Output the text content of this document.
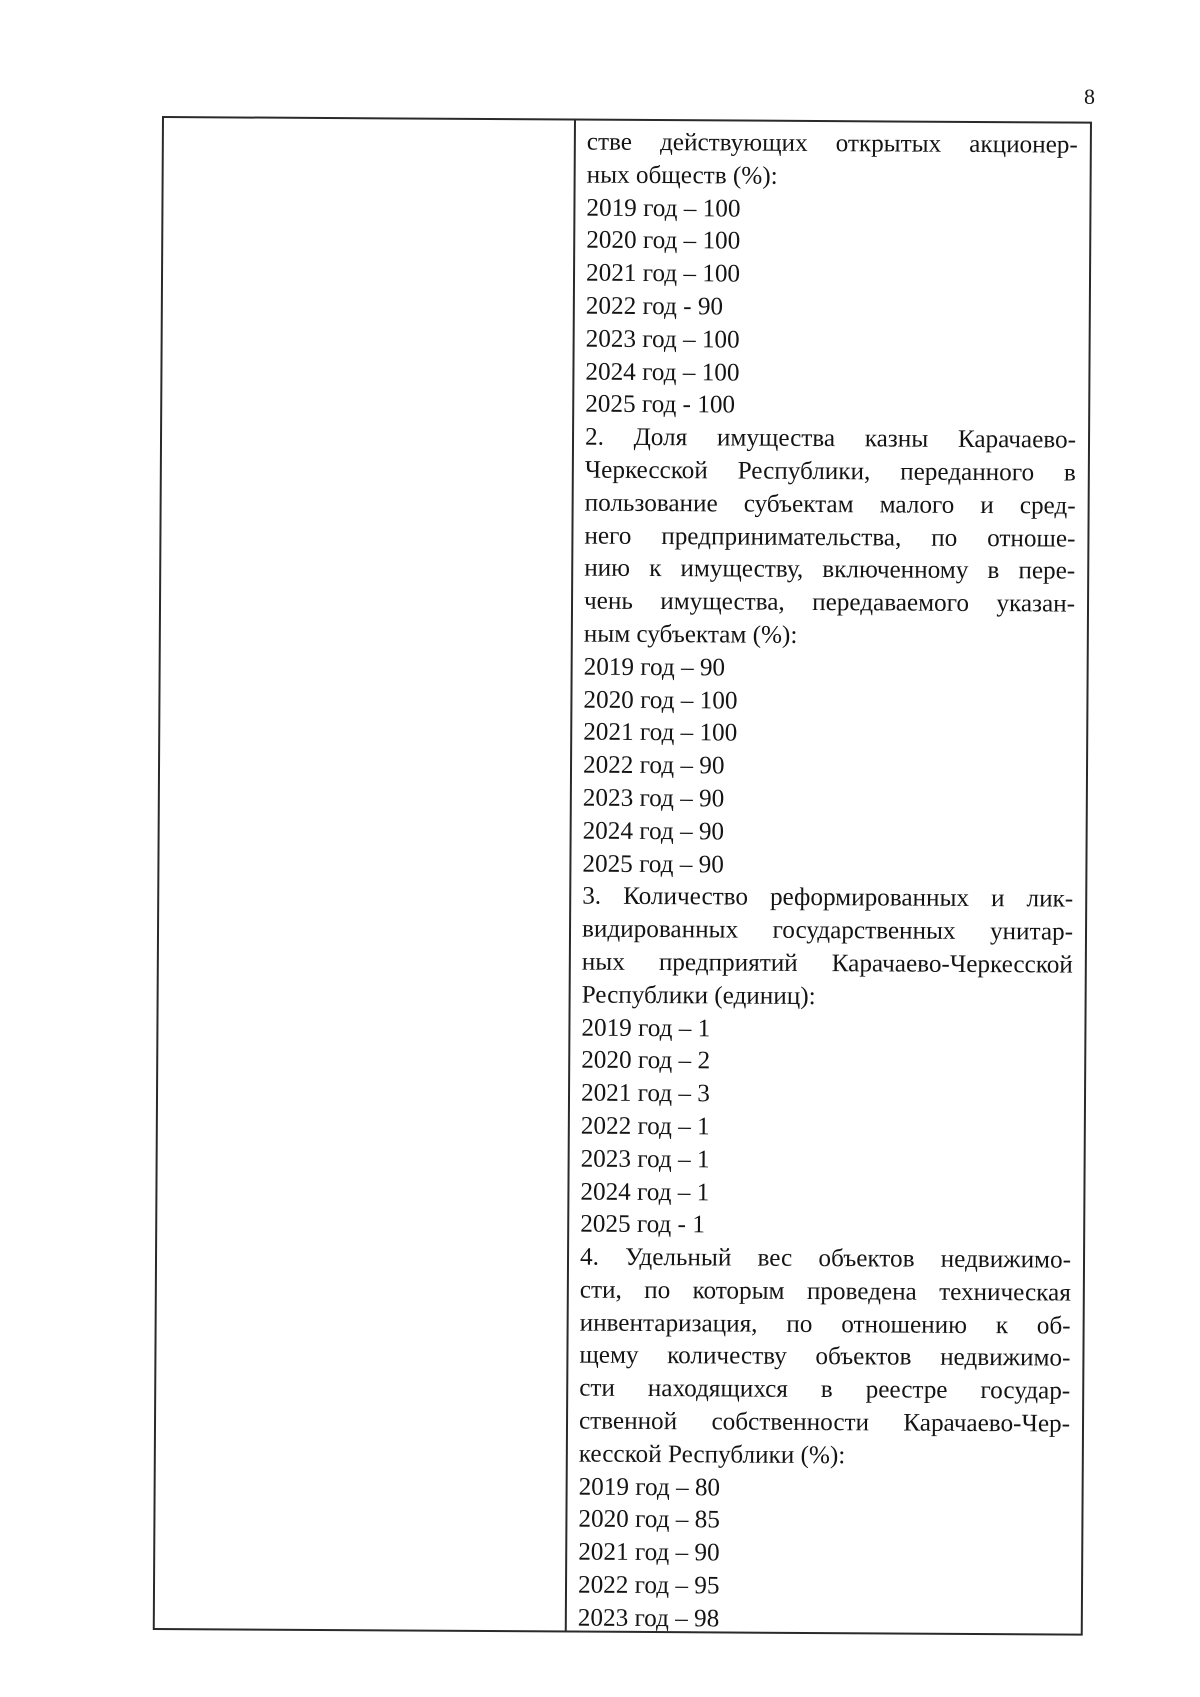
8
стве действующих открытых акционер-
ных обществ (%):
2019 год – 100
2020 год – 100
2021 год – 100
2022 год - 90
2023 год – 100
2024 год – 100
2025 год - 100
2. Доля имущества казны Карачаево-
Черкесской Республики, переданного в
пользование субъектам малого и сред-
него предпринимательства, по отноше-
нию к имуществу, включенному в пере-
чень имущества, передаваемого указан-
ным субъектам (%):
2019 год – 90
2020 год – 100
2021 год – 100
2022 год – 90
2023 год – 90
2024 год – 90
2025 год – 90
3. Количество реформированных и лик-
видированных государственных унитар-
ных предприятий Карачаево-Черкесской
Республики (единиц):
2019 год – 1
2020 год – 2
2021 год – 3
2022 год – 1
2023 год – 1
2024 год – 1
2025 год - 1
4. Удельный вес объектов недвижимо-
сти, по которым проведена техническая
инвентаризация, по отношению к об-
щему количеству объектов недвижимо-
сти находящихся в реестре государ-
ственной собственности Карачаево-Чер-
кесской Республики (%):
2019 год – 80
2020 год – 85
2021 год – 90
2022 год – 95
2023 год – 98
